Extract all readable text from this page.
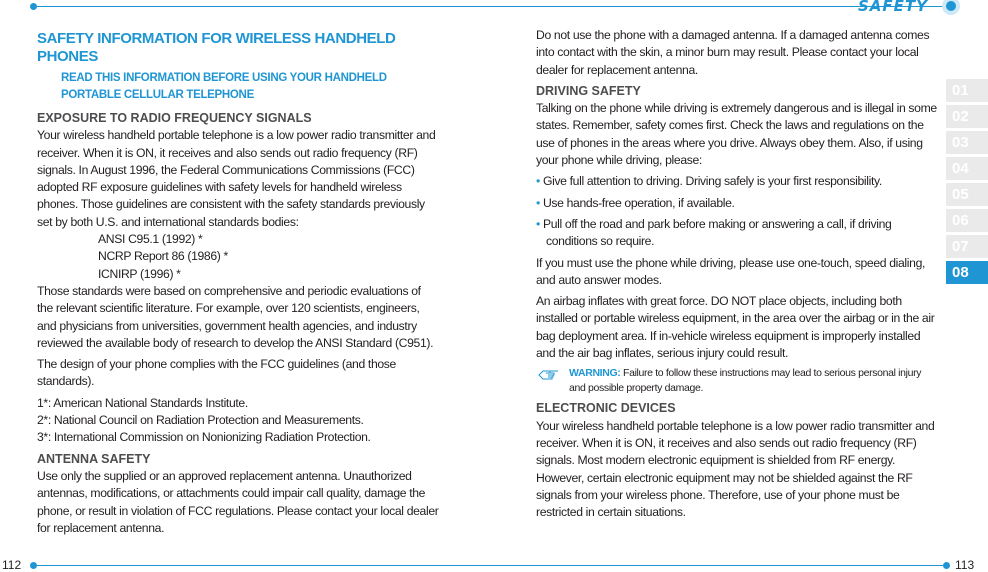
SAFETY
112	113
01
02
03
04
05
06
07
08

SAFETY INFORMATION FOR WIRELESS HANDHELD PHONES

READ THIS INFORMATION BEFORE USING YOUR HANDHELD

PORTABLE CELLULAR TELEPHONE

EXPOSURE TO RADIO FREQUENCY SIGNALS

Your wireless handheld portable telephone is a low power radio transmitter and receiver. When it is ON, it receives and also sends out radio frequency (RF) signals. In August 1996, the Federal Communications Commissions (FCC) adopted RF exposure guidelines with safety levels for handheld wireless phones. Those guidelines are consistent with the safety standards previously set by both U.S. and international standards bodies:

ANSI C95.1 (1992) *

NCRP Report 86 (1986) *

ICNIRP (1996) *

Those standards were based on comprehensive and periodic evaluations of the relevant scientific literature. For example, over 120 scientists, engineers, and physicians from universities, government health agencies, and industry reviewed the available body of research to develop the ANSI Standard (C951).

The design of your phone complies with the FCC guidelines (and those standards).

1*: American National Standards Institute.

2*: National Council on Radiation Protection and Measurements.

3*: International Commission on Nonionizing Radiation Protection.

ANTENNA SAFETY

Use only the supplied or an approved replacement antenna. Unauthorized antennas, modifications, or attachments could impair call quality, damage the phone, or result in violation of FCC regulations. Please contact your local dealer for replacement antenna.

Do not use the phone with a damaged antenna. If a damaged antenna comes into contact with the skin, a minor burn may result. Please contact your local dealer for replacement antenna.

DRIVING SAFETY

Talking on the phone while driving is extremely dangerous and is illegal in some states. Remember, safety comes first. Check the laws and regulations on the use of phones in the areas where you drive. Always obey them. Also, if using your phone while driving, please:

• Give full attention to driving. Driving safely is your first responsibility.

• Use hands-free operation, if available.

• Pull off the road and park before making or answering a call, if driving conditions so require.

If you must use the phone while driving, please use one-touch, speed dialing, and auto answer modes.

An airbag inflates with great force. DO NOT place objects, including both installed or portable wireless equipment, in the area over the airbag or in the air bag deployment area. If in-vehicle wireless equipment is improperly installed and the air bag inflates, serious injury could result.

WARNING: Failure to follow these instructions may lead to serious personal injury and possible property damage.

ELECTRONIC DEVICES

Your wireless handheld portable telephone is a low power radio transmitter and receiver. When it is ON, it receives and also sends out radio frequency (RF) signals. Most modern electronic equipment is shielded from RF energy. However, certain electronic equipment may not be shielded against the RF signals from your wireless phone. Therefore, use of your phone must be restricted in certain situations.
